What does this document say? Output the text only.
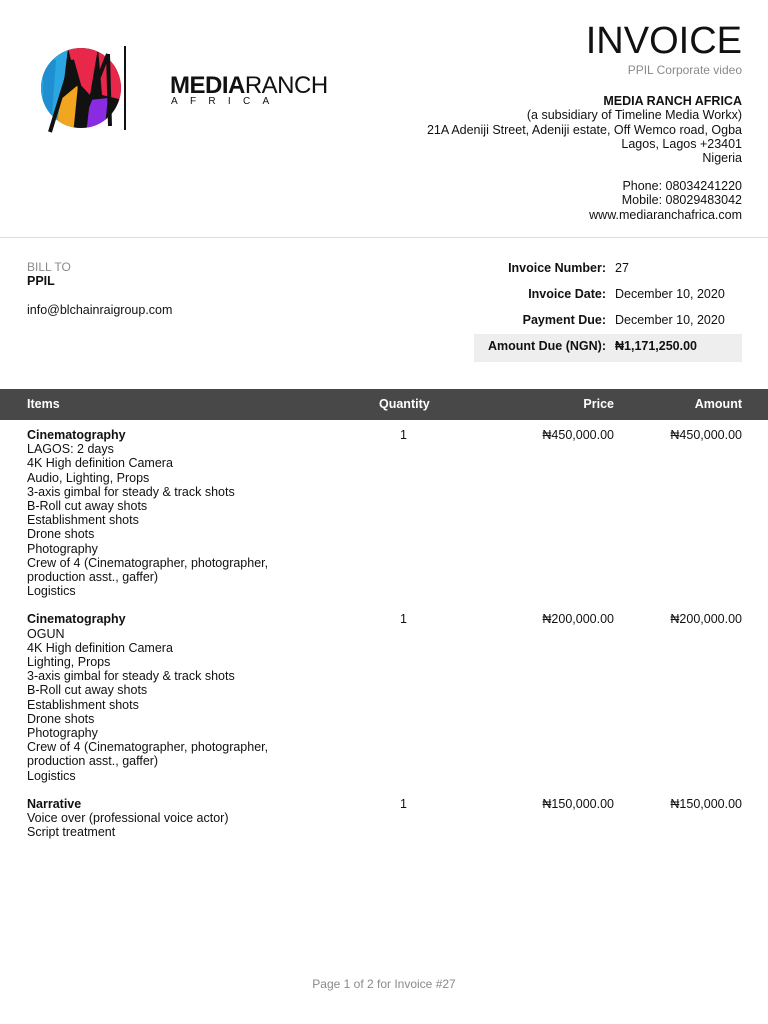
MEDIARANCH
AFRICA
INVOICE
PPIL Corporate video
MEDIA RANCH AFRICA
(a subsidiary of Timeline Media Workx)
21A Adeniji Street, Adeniji estate, Off Wemco road, Ogba
Lagos, Lagos +23401
Nigeria
Phone: 08034241220
Mobile: 08029483042
www.mediaranchafrica.com
BILL TO
PPIL
info@blchainraigroup.com
Invoice Number: 27
Invoice Date: December 10, 2020
Payment Due: December 10, 2020
Amount Due (NGN): ₦1,171,250.00
Items	Quantity	Price	Amount
Cinematography
LAGOS: 2 days
4K High definition Camera
Audio, Lighting, Props
3-axis gimbal for steady & track shots
B-Roll cut away shots
Establishment shots
Drone shots
Photography
Crew of 4 (Cinematographer, photographer,
production asst., gaffer)
Logistics
1	₦450,000.00	₦450,000.00
Cinematography
OGUN
4K High definition Camera
Lighting, Props
3-axis gimbal for steady & track shots
B-Roll cut away shots
Establishment shots
Drone shots
Photography
Crew of 4 (Cinematographer, photographer,
production asst., gaffer)
Logistics
1	₦200,000.00	₦200,000.00
Narrative
Voice over (professional voice actor)
Script treatment
1	₦150,000.00	₦150,000.00
Page 1 of 2 for Invoice #27
